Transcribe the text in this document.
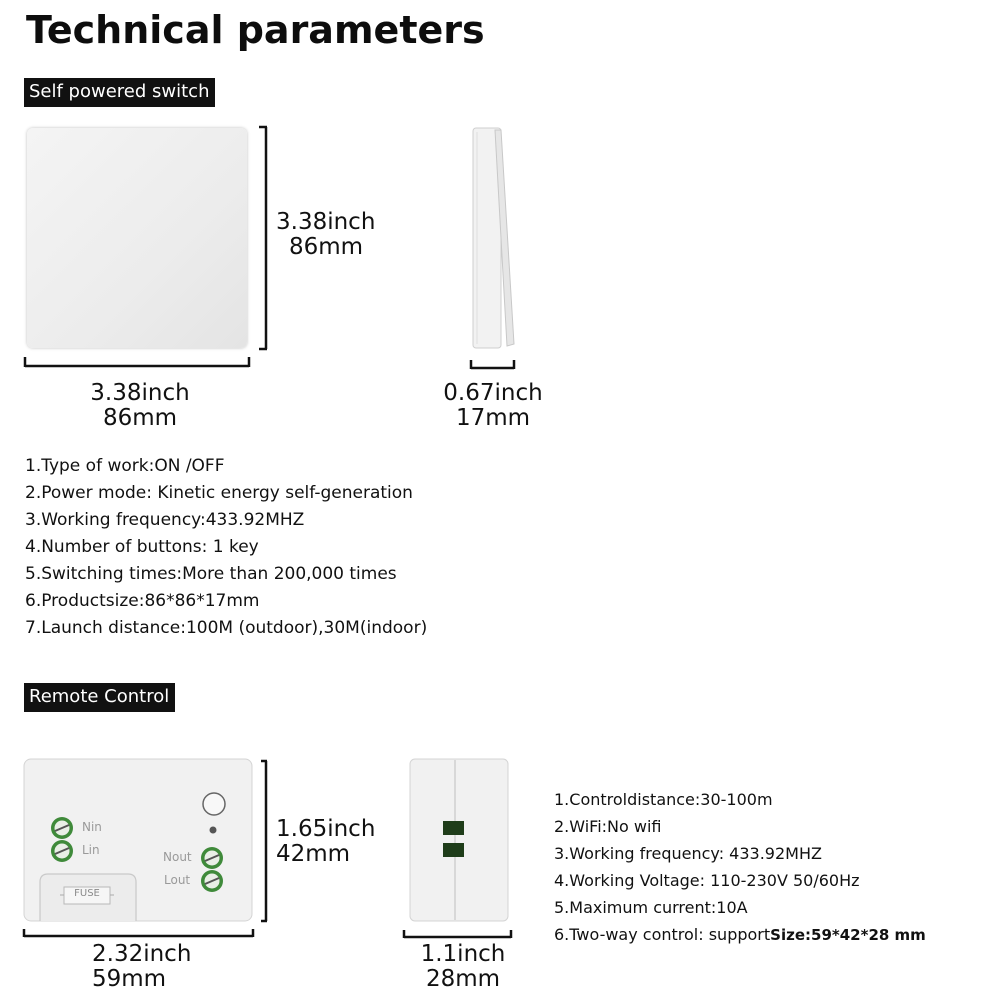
Technical parameters
Self powered switch
Nin
Lin	Nout
Lout
FUSE
3.38inch
86mm
3.38inch
86mm
0.67inch
17mm
1.Type of work:ON /OFF
2.Power mode: Kinetic energy self-generation
3.Working frequency:433.92MHZ
4.Number of buttons: 1 key
5.Switching times:More than 200,000 times
6.Productsize:86*86*17mm
7.Launch distance:100M (outdoor),30M(indoor)
Remote Control
1.65inch
42mm
2.32inch
59mm
1.1inch
28mm
1.Controldistance:30-100m
2.WiFi:No wifi
3.Working frequency: 433.92MHZ
4.Working Voltage: 110-230V 50/60Hz
5.Maximum current:10A
6.Two-way control: supportSize:59*42*28 mm
